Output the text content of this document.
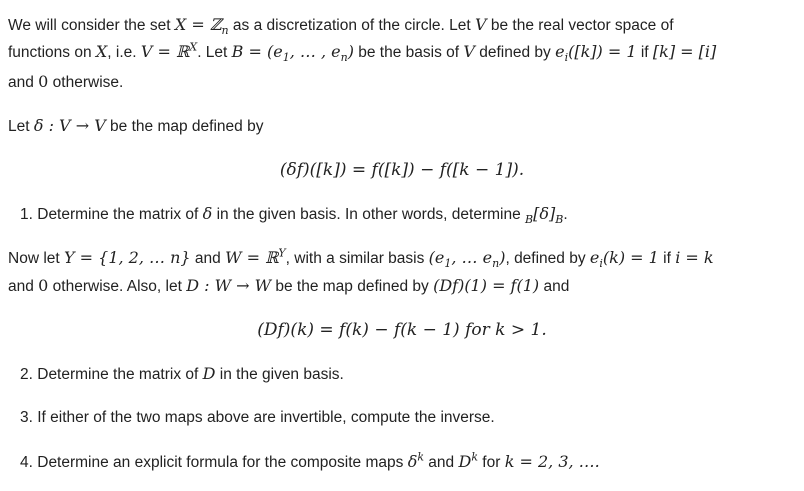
We will consider the set X = ℤ$_n$ as a discretization of the circle. Let V be the real vector space of
functions on X, i.e. V = ℝ$^X$. Let $B = (e_1$, … , $e_n$) be the basis of V defined by $e_i([k]) = 1$ if [k] = [i]
and 0 otherwise.
Let δ : V → V be the map defined by
(δf)([k]) = f([k]) − f([k − 1]).
1. Determine the matrix of δ in the given basis. In other words, determine $_B[\delta]_B$.
Now let Y = {1, 2, … n} and W = ℝ$^Y$, with a similar basis ($e_1$, … $e_n$), defined by $e_i(k) = 1$ if i = k
and 0 otherwise. Also, let D : W → W be the map defined by (Df)(1) = f(1) and
(Df)(k) = f(k) − f(k − 1) for k > 1.
2. Determine the matrix of D in the given basis.
3. If either of the two maps above are invertible, compute the inverse.
4. Determine an explicit formula for the composite maps $\delta^k$ and $D^k$ for k = 2, 3, ….
